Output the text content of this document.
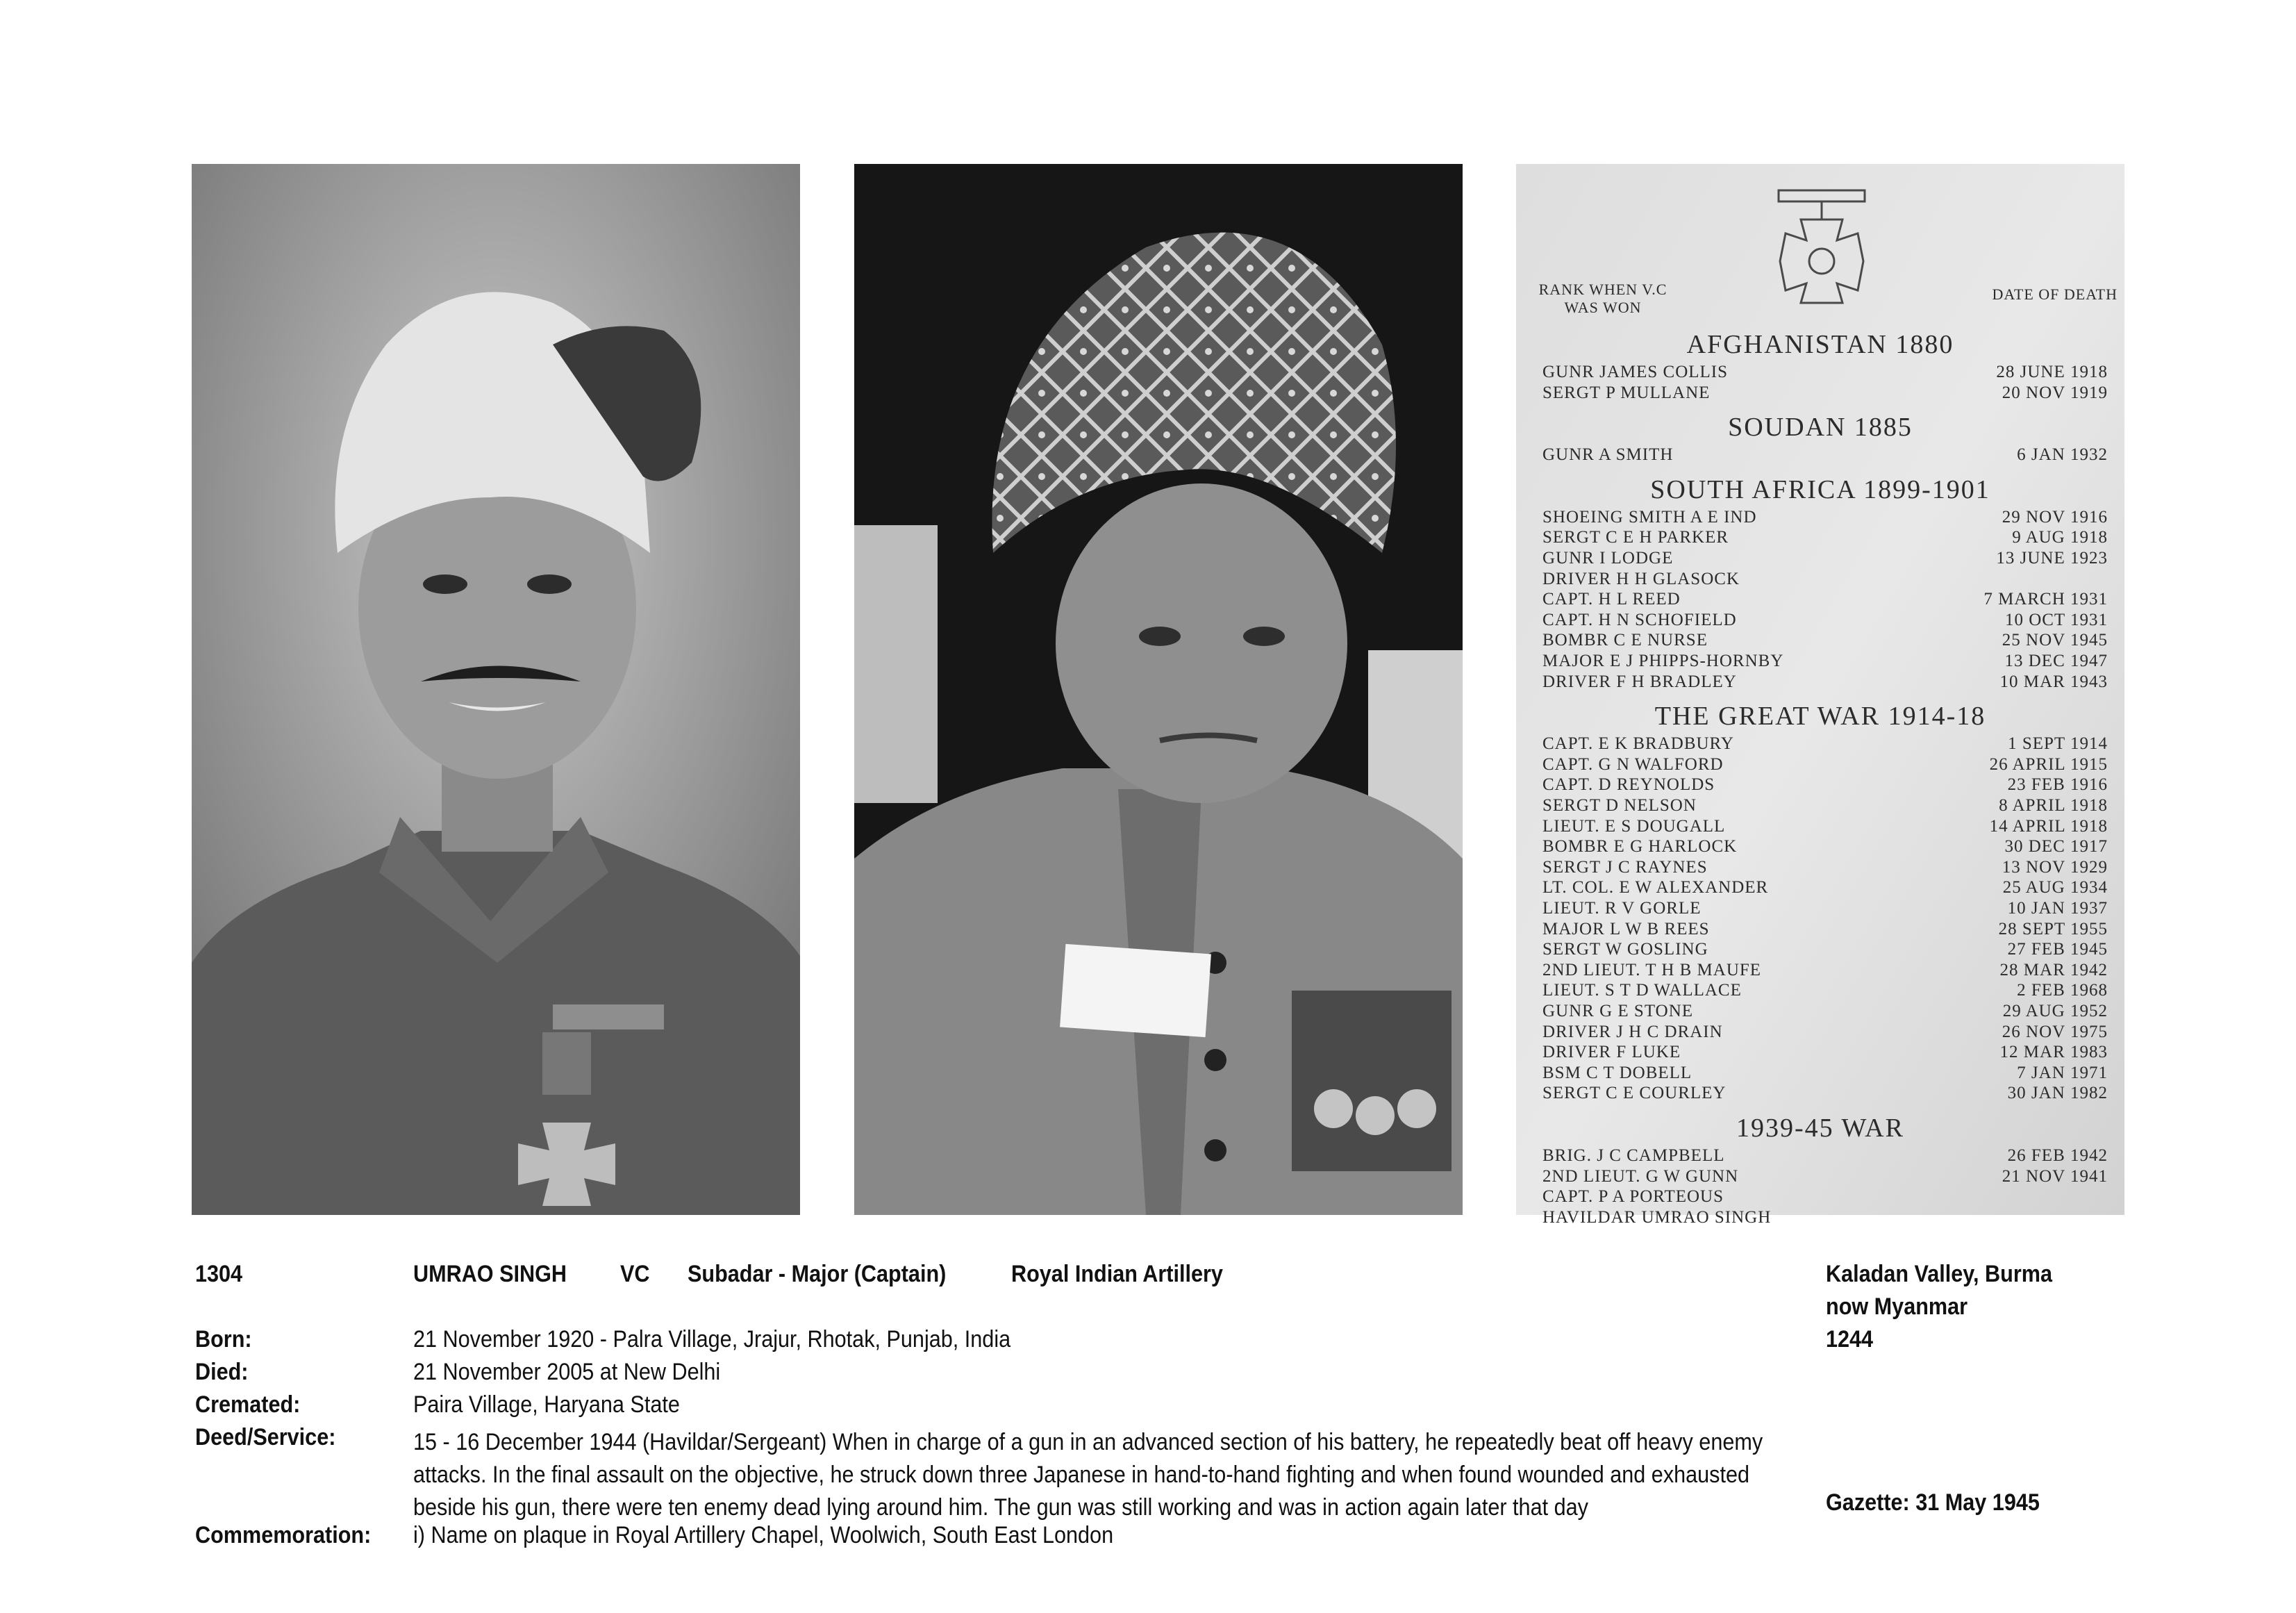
RANK WHEN V.C WAS WON
DATE OF DEATH
AFGHANISTAN 1880
GUNR JAMES COLLIS	28 JUNE 1918
SERGT P MULLANE	20 NOV 1919
SOUDAN 1885
GUNR A SMITH	6 JAN 1932
SOUTH AFRICA 1899-1901
SHOEING SMITH A E IND	29 NOV 1916
SERGT C E H PARKER	9 AUG 1918
GUNR I LODGE	13 JUNE 1923
DRIVER H H GLASOCK
CAPT. H L REED	7 MARCH 1931
CAPT. H N SCHOFIELD	10 OCT 1931
BOMBR C E NURSE	25 NOV 1945
MAJOR E J PHIPPS-HORNBY	13 DEC 1947
DRIVER F H BRADLEY	10 MAR 1943
THE GREAT WAR 1914-18
CAPT. E K BRADBURY	1 SEPT 1914
CAPT. G N WALFORD	26 APRIL 1915
CAPT. D REYNOLDS	23 FEB 1916
SERGT D NELSON	8 APRIL 1918
LIEUT. E S DOUGALL	14 APRIL 1918
BOMBR E G HARLOCK	30 DEC 1917
SERGT J C RAYNES	13 NOV 1929
LT. COL. E W ALEXANDER	25 AUG 1934
LIEUT. R V GORLE	10 JAN 1937
MAJOR L W B REES	28 SEPT 1955
SERGT W GOSLING	27 FEB 1945
2ND LIEUT. T H B MAUFE	28 MAR 1942
LIEUT. S T D WALLACE	2 FEB 1968
GUNR G E STONE	29 AUG 1952
DRIVER J H C DRAIN	26 NOV 1975
DRIVER F LUKE	12 MAR 1983
BSM C T DOBELL	7 JAN 1971
SERGT C E COURLEY	30 JAN 1982
1939-45 WAR
BRIG. J C CAMPBELL	26 FEB 1942
2ND LIEUT. G W GUNN	21 NOV 1941
CAPT. P A PORTEOUS
HAVILDAR UMRAO SINGH
1304	UMRAO SINGH VC Subadar - Major (Captain)	Royal Indian Artillery	Kaladan Valley, Burma
now Myanmar
1244
Born:	21 November 1920 - Palra Village, Jrajur, Rhotak, Punjab, India
Died:	21 November 2005 at New Delhi
Cremated:	Paira Village, Haryana State
Deed/Service:	15 - 16 December 1944 (Havildar/Sergeant) When in charge of a gun in an advanced section of his battery, he repeatedly beat off heavy enemy
attacks. In the final assault on the objective, he struck down three Japanese in hand-to-hand fighting and when found wounded and exhausted
beside his gun, there were ten enemy dead lying around him. The gun was still working and was in action again later that day	Gazette: 31 May 1945
Commemoration: i) Name on plaque in Royal Artillery Chapel, Woolwich, South East London
